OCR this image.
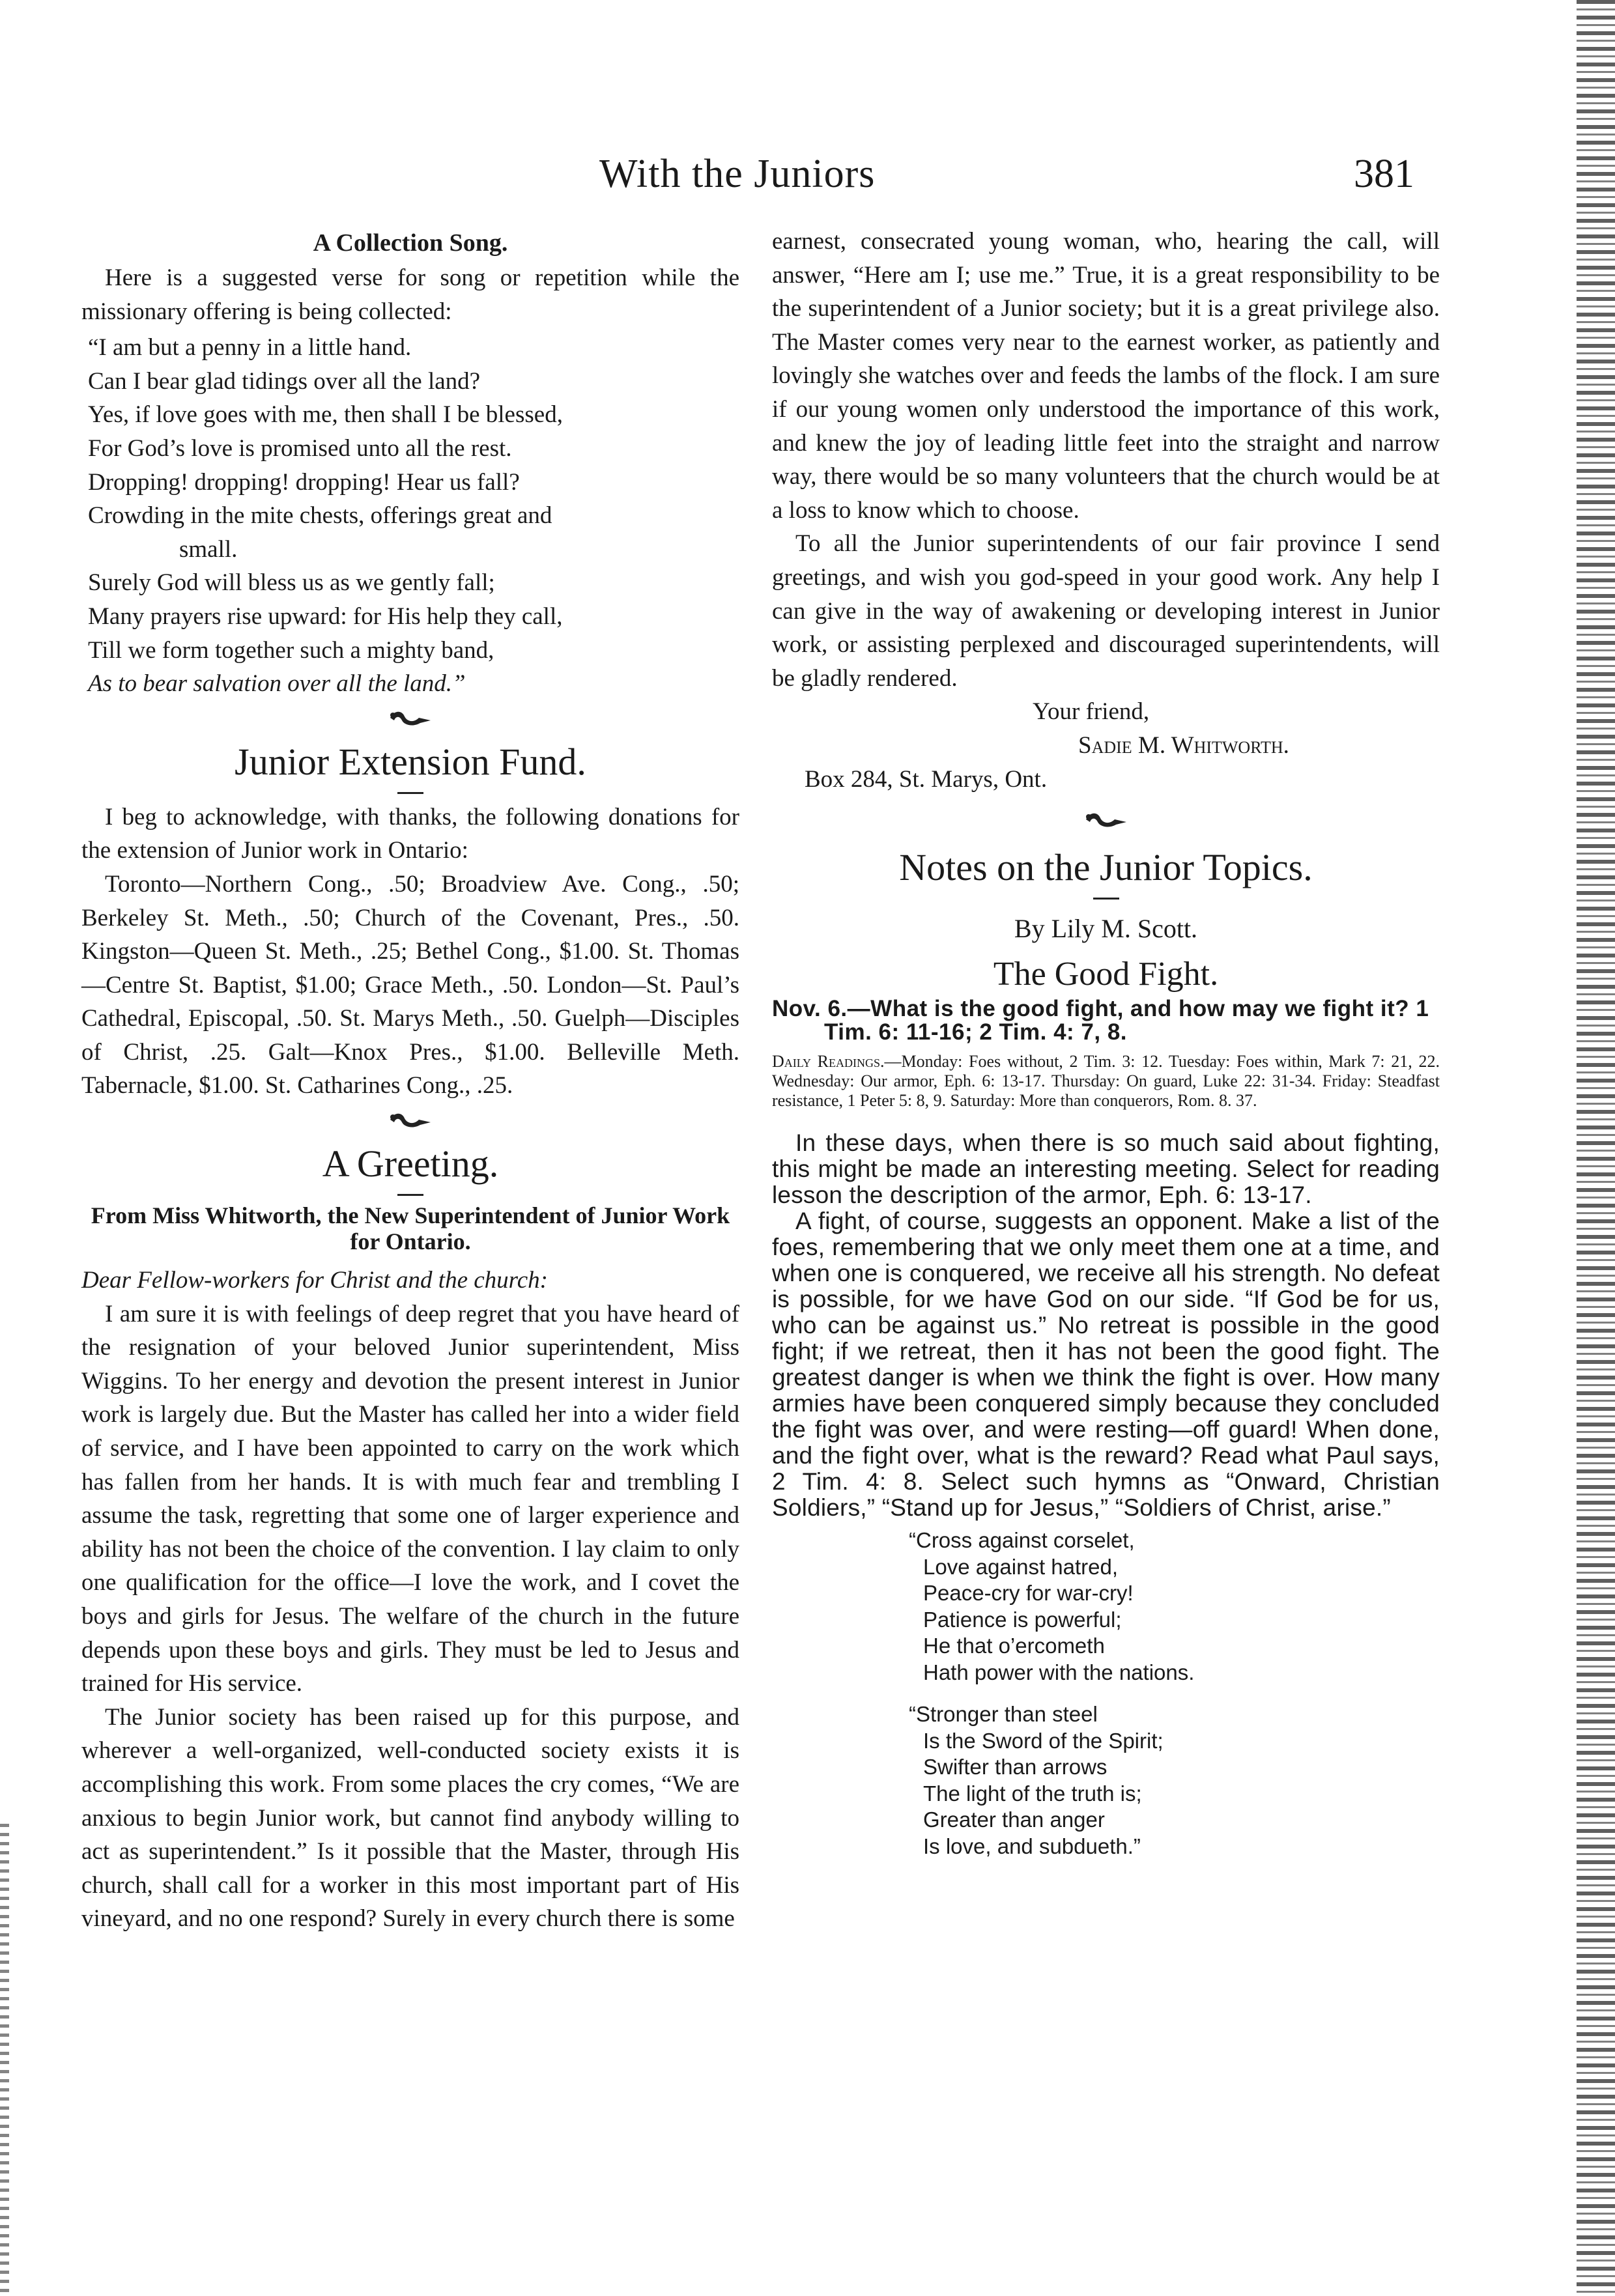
With the Juniors	381
A Collection Song.

Here is a suggested verse for song or repetition while the missionary offering is being collected:

“I am but a penny in a little hand.
Can I bear glad tidings over all the land?
Yes, if love goes with me, then shall I be blessed,
For God’s love is promised unto all the rest.
Dropping! dropping! dropping! Hear us fall?
Crowding in the mite chests, offerings great and
small.
Surely God will bless us as we gently fall;
Many prayers rise upward: for His help they call,
Till we form together such a mighty band,
As to bear salvation over all the land.”
Junior Extension Fund.

I beg to acknowledge, with thanks, the following donations for the extension of Junior work in Ontario:

Toronto—Northern Cong., .50; Broadview Ave. Cong., .50; Berkeley St. Meth., .50; Church of the Covenant, Pres., .50. Kingston—Queen St. Meth., .25; Bethel Cong., $1.00. St. Thomas—Centre St. Baptist, $1.00; Grace Meth., .50. London—St. Paul’s Cathedral, Episcopal, .50. St. Marys Meth., .50. Guelph—Disciples of Christ, .25. Galt—Knox Pres., $1.00. Belleville Meth. Tabernacle, $1.00. St. Catharines Cong., .25.

A Greeting.
From Miss Whitworth, the New Superintendent of Junior Work for Ontario.

Dear Fellow-workers for Christ and the church:

I am sure it is with feelings of deep regret that you have heard of the resignation of your beloved Junior superintendent, Miss Wiggins. To her energy and devotion the present interest in Junior work is largely due. But the Master has called her into a wider field of service, and I have been appointed to carry on the work which has fallen from her hands. It is with much fear and trembling I assume the task, regretting that some one of larger experience and ability has not been the choice of the convention. I lay claim to only one qualification for the office—I love the work, and I covet the boys and girls for Jesus. The welfare of the church in the future depends upon these boys and girls. They must be led to Jesus and trained for His service.

The Junior society has been raised up for this purpose, and wherever a well-organized, well-conducted society exists it is accomplishing this work. From some places the cry comes, “We are anxious to begin Junior work, but cannot find anybody willing to act as superintendent.” Is it possible that the Master, through His church, shall call for a worker in this most important part of His vineyard, and no one respond? Surely in every church there is some

earnest, consecrated young woman, who, hearing the call, will answer, “Here am I; use me.” True, it is a great responsibility to be the superintendent of a Junior society; but it is a great privilege also. The Master comes very near to the earnest worker, as patiently and lovingly she watches over and feeds the lambs of the flock. I am sure if our young women only understood the importance of this work, and knew the joy of leading little feet into the straight and narrow way, there would be so many volunteers that the church would be at a loss to know which to choose.

To all the Junior superintendents of our fair province I send greetings, and wish you god-speed in your good work. Any help I can give in the way of awakening or developing interest in Junior work, or assisting perplexed and discouraged superintendents, will be gladly rendered.

Your friend,

Sadie M. Whitworth.

Box 284, St. Marys, Ont.

Notes on the Junior Topics.
By Lily M. Scott.
The Good Fight.

Nov. 6.—What is the good fight, and how may we fight it? 1 Tim. 6: 11-16; 2 Tim. 4: 7, 8.

Daily Readings.—Monday: Foes without, 2 Tim. 3: 12. Tuesday: Foes within, Mark 7: 21, 22. Wednesday: Our armor, Eph. 6: 13-17. Thursday: On guard, Luke 22: 31-34. Friday: Steadfast resistance, 1 Peter 5: 8, 9. Saturday: More than conquerors, Rom. 8. 37.

In these days, when there is so much said about fighting, this might be made an interesting meeting. Select for reading lesson the description of the armor, Eph. 6: 13-17.

A fight, of course, suggests an opponent. Make a list of the foes, remembering that we only meet them one at a time, and when one is conquered, we receive all his strength. No defeat is possible, for we have God on our side. “If God be for us, who can be against us.” No retreat is possible in the good fight; if we retreat, then it has not been the good fight. The greatest danger is when we think the fight is over. How many armies have been conquered simply because they concluded the fight was over, and were resting—off guard! When done, and the fight over, what is the reward? Read what Paul says, 2 Tim. 4: 8. Select such hymns as “Onward, Christian Soldiers,” “Stand up for Jesus,” “Soldiers of Christ, arise.”

“Cross against corselet,
Love against hatred,
Peace-cry for war-cry!
Patience is powerful;
He that o’ercometh
Hath power with the nations.
“Stronger than steel
Is the Sword of the Spirit;
Swifter than arrows
The light of the truth is;
Greater than anger
Is love, and subdueth.”
